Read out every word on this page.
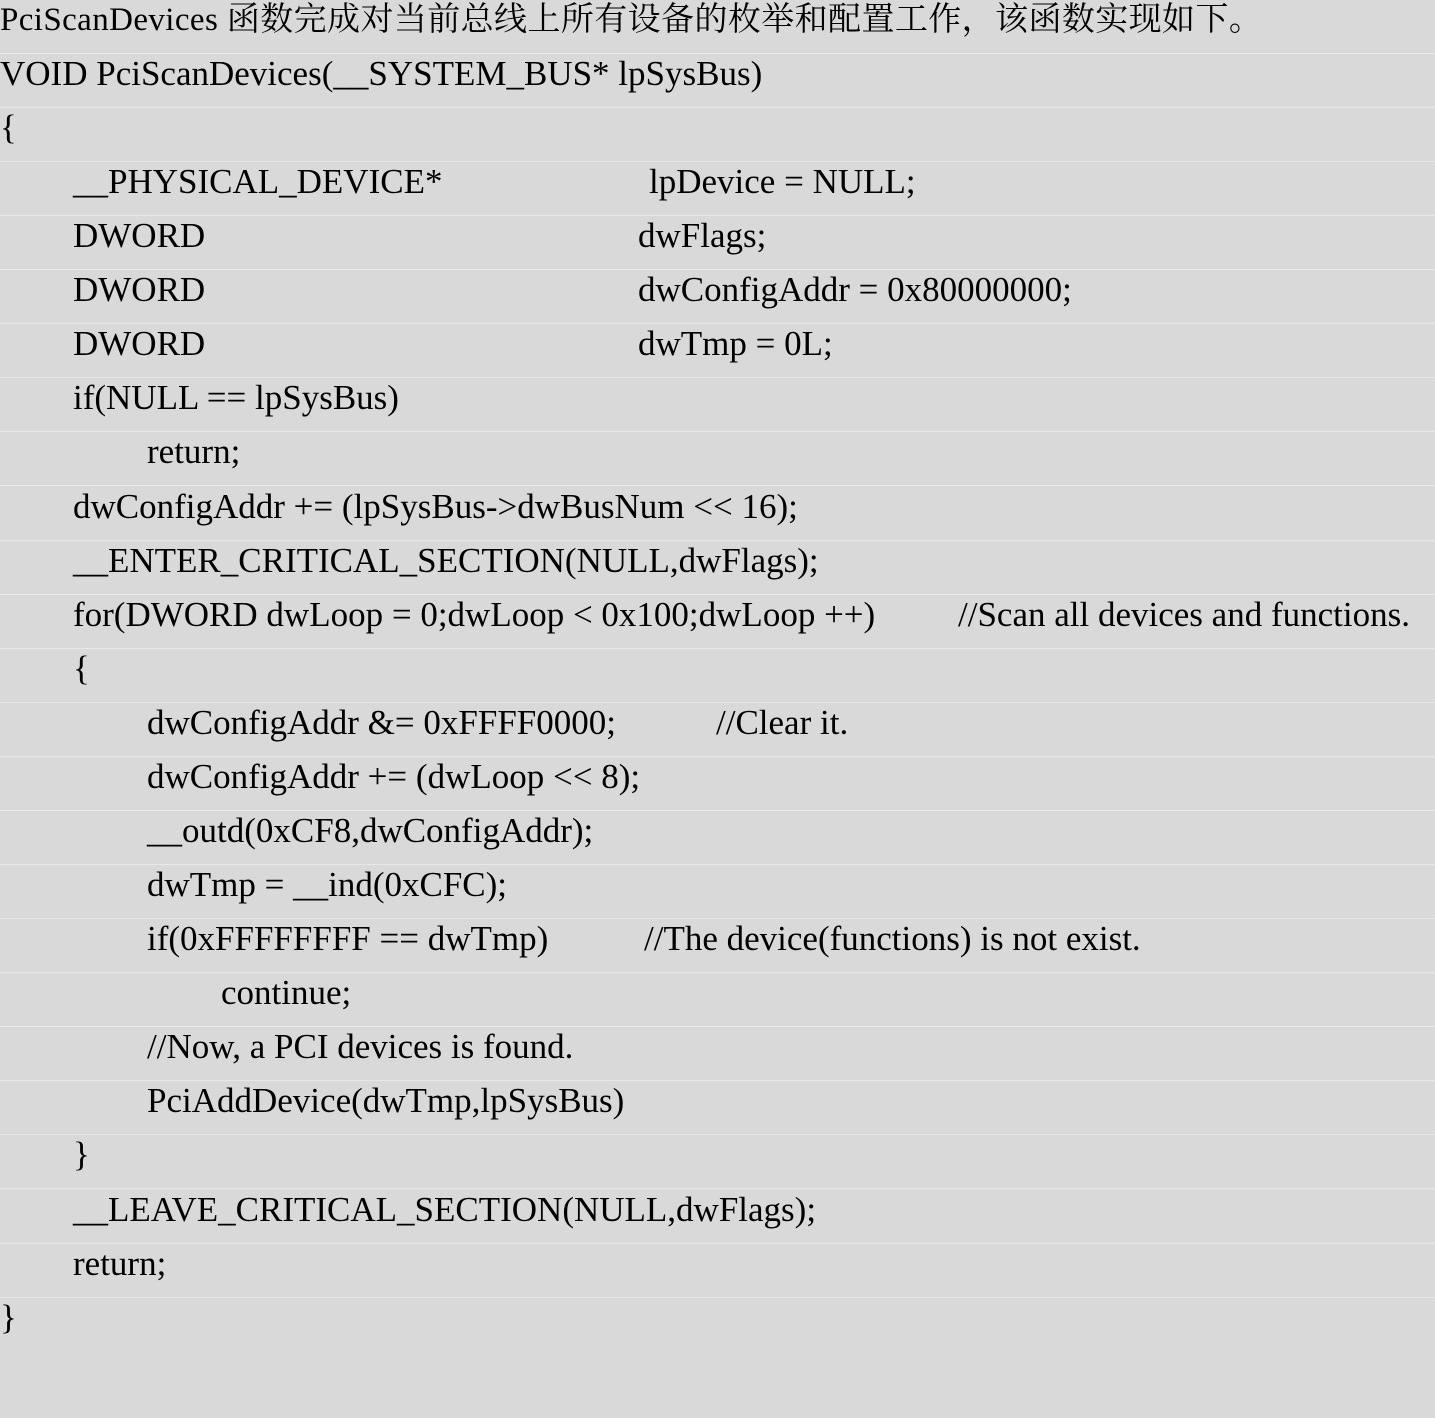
PciScanDevices 函数完成对当前总线上所有设备的枚举和配置工作，该函数实现如下。

VOID PciScanDevices(__SYSTEM_BUS* lpSysBus)

{

__PHYSICAL_DEVICE*

	lpDevice = NULL;

DWORD

	dwFlags;

DWORD

	dwConfigAddr = 0x80000000;

DWORD

	dwTmp = 0L;

if(NULL == lpSysBus)

return;

dwConfigAddr += (lpSysBus->dwBusNum << 16);

__ENTER_CRITICAL_SECTION(NULL,dwFlags);

for(DWORD dwLoop = 0;dwLoop < 0x100;dwLoop ++)

//Scan all devices and functions.

{

dwConfigAddr &= 0xFFFF0000;

	//Clear it.

dwConfigAddr += (dwLoop << 8);

__outd(0xCF8,dwConfigAddr);

dwTmp = __ind(0xCFC);

if(0xFFFFFFFF == dwTmp)

	//The device(functions) is not exist.

continue;

//Now, a PCI devices is found.

PciAddDevice(dwTmp,lpSysBus)

}

__LEAVE_CRITICAL_SECTION(NULL,dwFlags);

return;

}
